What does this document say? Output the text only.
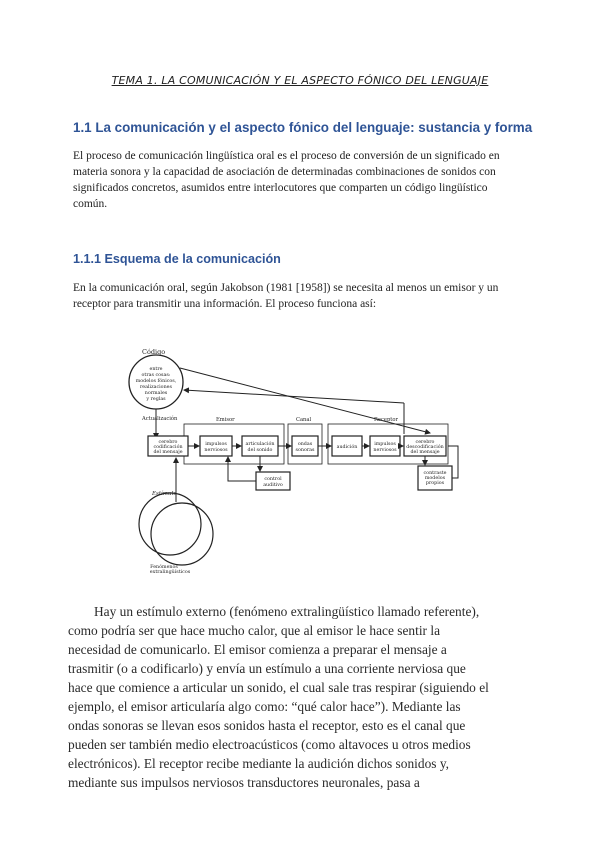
TEMA 1. LA COMUNICACIÓN Y EL ASPECTO FÓNICO DEL LENGUAJE
1.1 La comunicación y el aspecto fónico del lenguaje: sustancia y forma
El proceso de comunicación lingüística oral es el proceso de conversión de un significado en
materia sonora y la capacidad de asociación de determinadas combinaciones de sonidos con
significados concretos, asumidos entre interlocutores que comparten un código lingüístico
común.
1.1.1 Esquema de la comunicación
En la comunicación oral, según Jakobson (1981 [1958]) se necesita al menos un emisor y un
receptor para transmitir una información. El proceso funciona así:
Código
entre
otras cosas:
modelos fónicos,
realizaciones
normales
y reglas
Actualización	Emisor	Canal	Receptor
cerebro
codificación
del mensaje
impulsos
nerviosos
articulación
del sonido
ondas
sonoras
audición
impulsos
nerviosos
cerebro
descodificación
del mensaje
control
auditivo
contraste
modelos
propios
Estímulo
Fenómenos
extralingüísticos
Hay un estímulo externo (fenómeno extralingüístico llamado referente),
como podría ser que hace mucho calor, que al emisor le hace sentir la
necesidad de comunicarlo. El emisor comienza a preparar el mensaje a
trasmitir (o a codificarlo) y envía un estímulo a una corriente nerviosa que
hace que comience a articular un sonido, el cual sale tras respirar (siguiendo el
ejemplo, el emisor articularía algo como: “qué calor hace”). Mediante las
ondas sonoras se llevan esos sonidos hasta el receptor, esto es el canal que
pueden ser también medio electroacústicos (como altavoces u otros medios
electrónicos). El receptor recibe mediante la audición dichos sonidos y,
mediante sus impulsos nerviosos transductores neuronales, pasa a
